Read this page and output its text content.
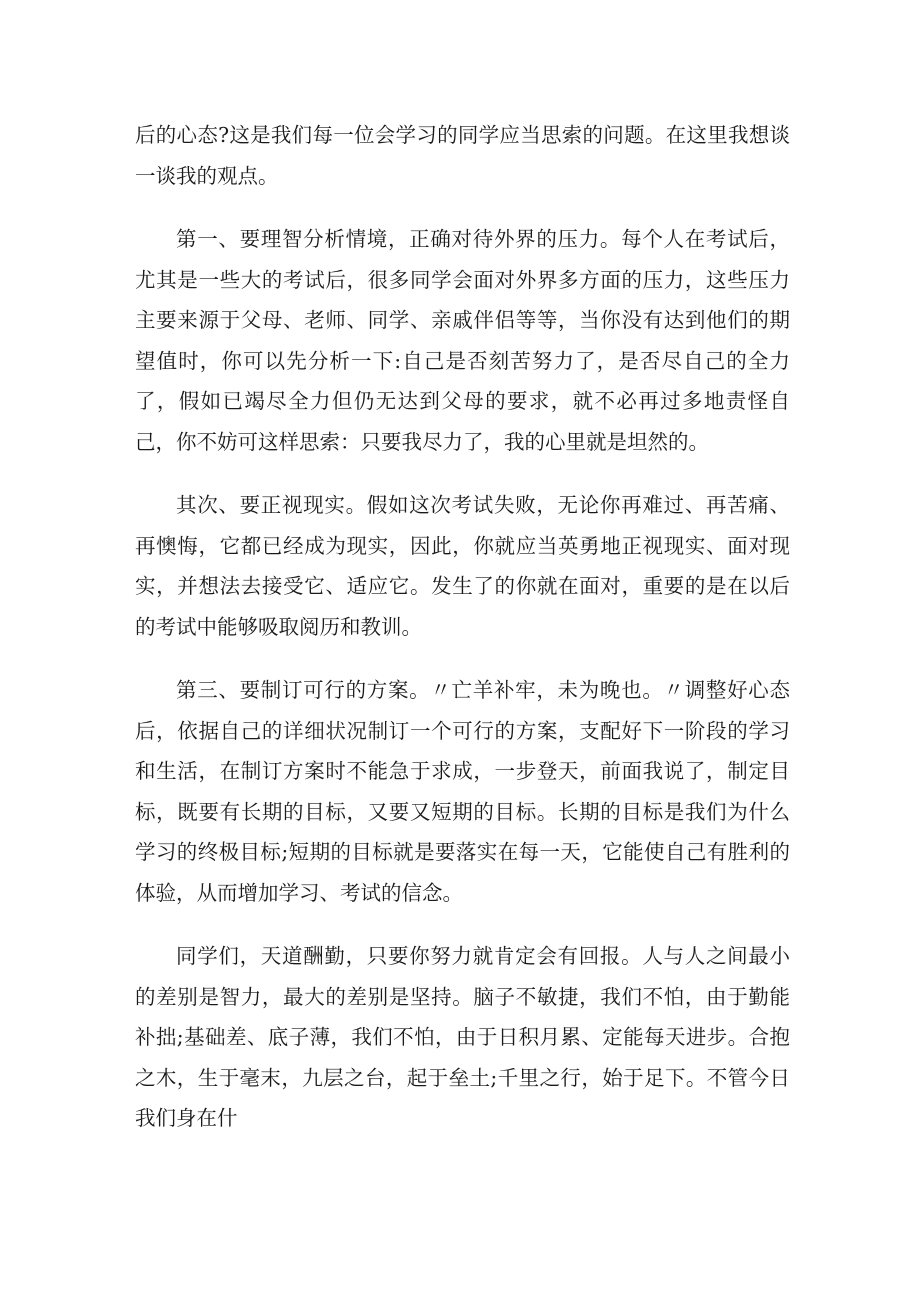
后的心态?这是我们每一位会学习的同学应当思索的问题。在这里我想谈一谈我的观点。

第一、要理智分析情境，正确对待外界的压力。每个人在考试后，尤其是一些大的考试后，很多同学会面对外界多方面的压力，这些压力主要来源于父母、老师、同学、亲戚伴侣等等，当你没有达到他们的期望值时，你可以先分析一下:自己是否刻苦努力了，是否尽自己的全力了，假如已竭尽全力但仍无达到父母的要求，就不必再过多地责怪自己，你不妨可这样思索：只要我尽力了，我的心里就是坦然的。

其次、要正视现实。假如这次考试失败，无论你再难过、再苦痛、再懊悔，它都已经成为现实，因此，你就应当英勇地正视现实、面对现实，并想法去接受它、适应它。发生了的你就在面对，重要的是在以后的考试中能够吸取阅历和教训。

第三、要制订可行的方案。〃亡羊补牢，未为晚也。〃调整好心态后，依据自己的详细状况制订一个可行的方案，支配好下一阶段的学习和生活，在制订方案时不能急于求成，一步登天，前面我说了，制定目标，既要有长期的目标，又要又短期的目标。长期的目标是我们为什么学习的终极目标;短期的目标就是要落实在每一天，它能使自己有胜利的体验，从而增加学习、考试的信念。

同学们，天道酬勤，只要你努力就肯定会有回报。人与人之间最小的差别是智力，最大的差别是坚持。脑子不敏捷，我们不怕，由于勤能补拙;基础差、底子薄，我们不怕，由于日积月累、定能每天进步。合抱之木，生于毫末，九层之台，起于垒土;千里之行，始于足下。不管今日我们身在什
